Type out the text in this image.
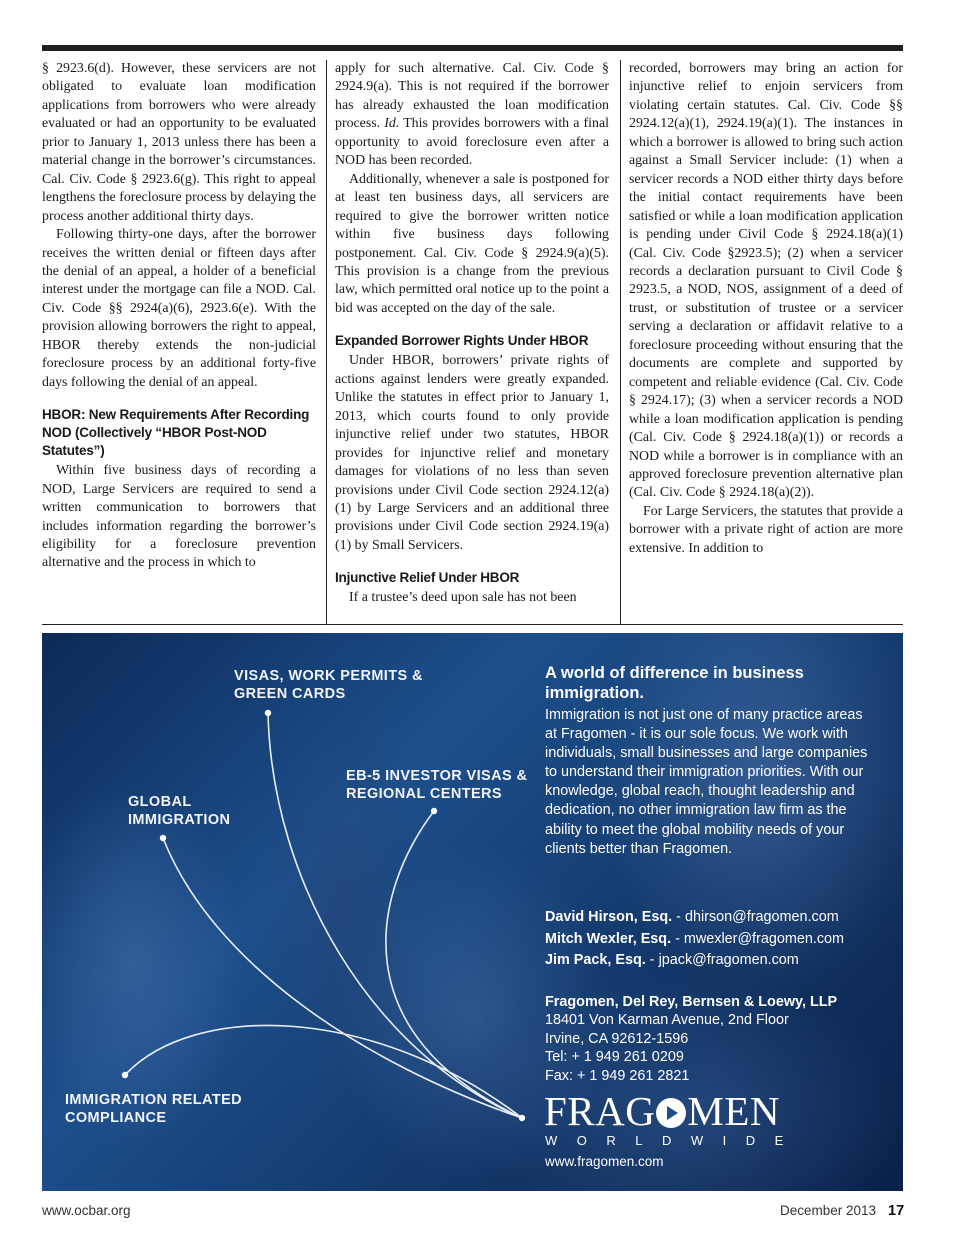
§ 2923.6(d). However, these servicers are not obligated to evaluate loan modification applications from borrowers who were already evaluated or had an opportunity to be evaluated prior to January 1, 2013 unless there has been a material change in the borrower’s circumstances. Cal. Civ. Code § 2923.6(g). This right to appeal lengthens the foreclosure process by delaying the process another additional thirty days.

Following thirty-one days, after the borrower receives the written denial or fifteen days after the denial of an appeal, a holder of a beneficial interest under the mortgage can file a NOD. Cal. Civ. Code §§ 2924(a)(6), 2923.6(e). With the provision allowing borrowers the right to appeal, HBOR thereby extends the non-judicial foreclosure process by an additional forty-five days following the denial of an appeal.

HBOR: New Requirements After Recording NOD (Collectively “HBOR Post-NOD Statutes”)

Within five business days of recording a NOD, Large Servicers are required to send a written communication to borrowers that includes information regarding the borrower’s eligibility for a foreclosure prevention alternative and the process in which to

apply for such alternative. Cal. Civ. Code § 2924.9(a). This is not required if the borrower has already exhausted the loan modification process. Id. This provides borrowers with a final opportunity to avoid foreclosure even after a NOD has been recorded.

Additionally, whenever a sale is postponed for at least ten business days, all servicers are required to give the borrower written notice within five business days following postponement. Cal. Civ. Code § 2924.9(a)(5). This provision is a change from the previous law, which permitted oral notice up to the point a bid was accepted on the day of the sale.

Expanded Borrower Rights Under HBOR

Under HBOR, borrowers’ private rights of actions against lenders were greatly expanded. Unlike the statutes in effect prior to January 1, 2013, which courts found to only provide injunctive relief under two statutes, HBOR provides for injunctive relief and monetary damages for violations of no less than seven provisions under Civil Code section 2924.12(a)(1) by Large Servicers and an additional three provisions under Civil Code section 2924.19(a)(1) by Small Servicers.

Injunctive Relief Under HBOR

If a trustee’s deed upon sale has not been

recorded, borrowers may bring an action for injunctive relief to enjoin servicers from violating certain statutes. Cal. Civ. Code §§ 2924.12(a)(1), 2924.19(a)(1). The instances in which a borrower is allowed to bring such action against a Small Servicer include: (1) when a servicer records a NOD either thirty days before the initial contact requirements have been satisfied or while a loan modification application is pending under Civil Code § 2924.18(a)(1) (Cal. Civ. Code §2923.5); (2) when a servicer records a declaration pursuant to Civil Code § 2923.5, a NOD, NOS, assignment of a deed of trust, or substitution of trustee or a servicer serving a declaration or affidavit relative to a foreclosure proceeding without ensuring that the documents are complete and supported by competent and reliable evidence (Cal. Civ. Code § 2924.17); (3) when a servicer records a NOD while a loan modification application is pending (Cal. Civ. Code § 2924.18(a)(1)) or records a NOD while a borrower is in compliance with an approved foreclosure prevention alternative plan (Cal. Civ. Code § 2924.18(a)(2)).

For Large Servicers, the statutes that provide a borrower with a private right of action are more extensive. In addition to

VISAS, WORK PERMITS & GREEN CARDS
EB-5 INVESTOR VISAS & REGIONAL CENTERS
GLOBAL IMMIGRATION
IMMIGRATION RELATED COMPLIANCE
A world of difference in business immigration.
Immigration is not just one of many practice areas at Fragomen - it is our sole focus. We work with individuals, small businesses and large companies to understand their immigration priorities. With our knowledge, global reach, thought leadership and dedication, no other immigration law firm as the ability to meet the global mobility needs of your clients better than Fragomen.
David Hirson, Esq. - dhirson@fragomen.com
Mitch Wexler, Esq. - mwexler@fragomen.com
Jim Pack, Esq. - jpack@fragomen.com
Fragomen, Del Rey, Bernsen & Loewy, LLP
18401 Von Karman Avenue, 2nd Floor
Irvine, CA 92612-1596
Tel: + 1 949 261 0209
Fax: + 1 949 261 2821
FRAG MEN
WORLDWIDE
www.fragomen.com
www.ocbar.org	December 2013 17
